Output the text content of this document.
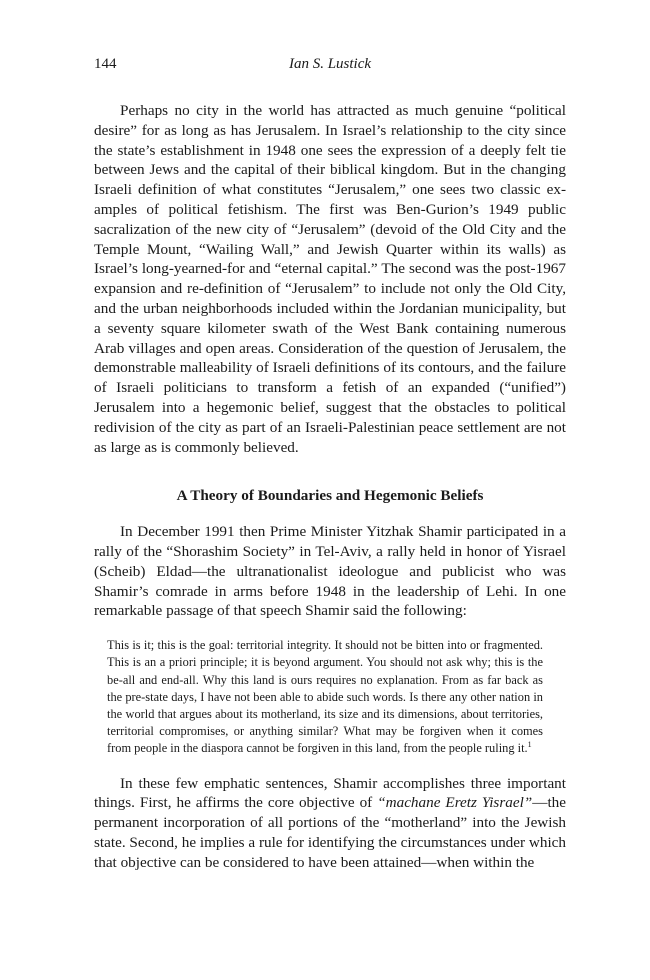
144	Ian S. Lustick

Perhaps no city in the world has attracted as much genuine “political desire” for as long as has Jerusalem. In Israel’s relationship to the city since the state’s establishment in 1948 one sees the expression of a deeply felt tie between Jews and the capital of their biblical kingdom. But in the changing Israeli definition of what constitutes “Jerusalem,” one sees two classic examples of political fetishism. The first was Ben-Gurion’s 1949 public sacralization of the new city of “Jerusalem” (devoid of the Old City and the Temple Mount, “Wailing Wall,” and Jewish Quarter within its walls) as Israel’s long-yearned-for and “eternal capital.” The second was the post-1967 expansion and re-definition of “Jerusalem” to include not only the Old City, and the urban neighborhoods included within the Jordanian municipality, but a seventy square kilometer swath of the West Bank containing numerous Arab villages and open areas. Consideration of the question of Jerusalem, the demonstrable malleability of Israeli definitions of its contours, and the failure of Israeli politicians to transform a fetish of an expanded (“unified”) Jerusalem into a hegemonic belief, suggest that the obstacles to political redivision of the city as part of an Israeli-Palestinian peace settlement are not as large as is commonly believed.

A Theory of Boundaries and Hegemonic Beliefs

In December 1991 then Prime Minister Yitzhak Shamir participated in a rally of the “Shorashim Society” in Tel-Aviv, a rally held in honor of Yisrael (Scheib) Eldad—the ultranationalist ideologue and publicist who was Shamir’s comrade in arms before 1948 in the leadership of Lehi. In one remarkable passage of that speech Shamir said the following:

This is it; this is the goal: territorial integrity. It should not be bitten into or fragmented. This is an a priori principle; it is beyond argument. You should not ask why; this is the be-all and end-all. Why this land is ours requires no explanation. From as far back as the pre-state days, I have not been able to abide such words. Is there any other nation in the world that argues about its motherland, its size and its dimensions, about territories, territorial compromises, or anything similar? What may be forgiven when it comes from people in the diaspora cannot be forgiven in this land, from the people ruling it.$^1$

In these few emphatic sentences, Shamir accomplishes three important things. First, he affirms the core objective of “machane Eretz Yisrael”—the permanent incorporation of all portions of the “motherland” into the Jewish state. Second, he implies a rule for identifying the circumstances under which that objective can be considered to have been attained—when within the
